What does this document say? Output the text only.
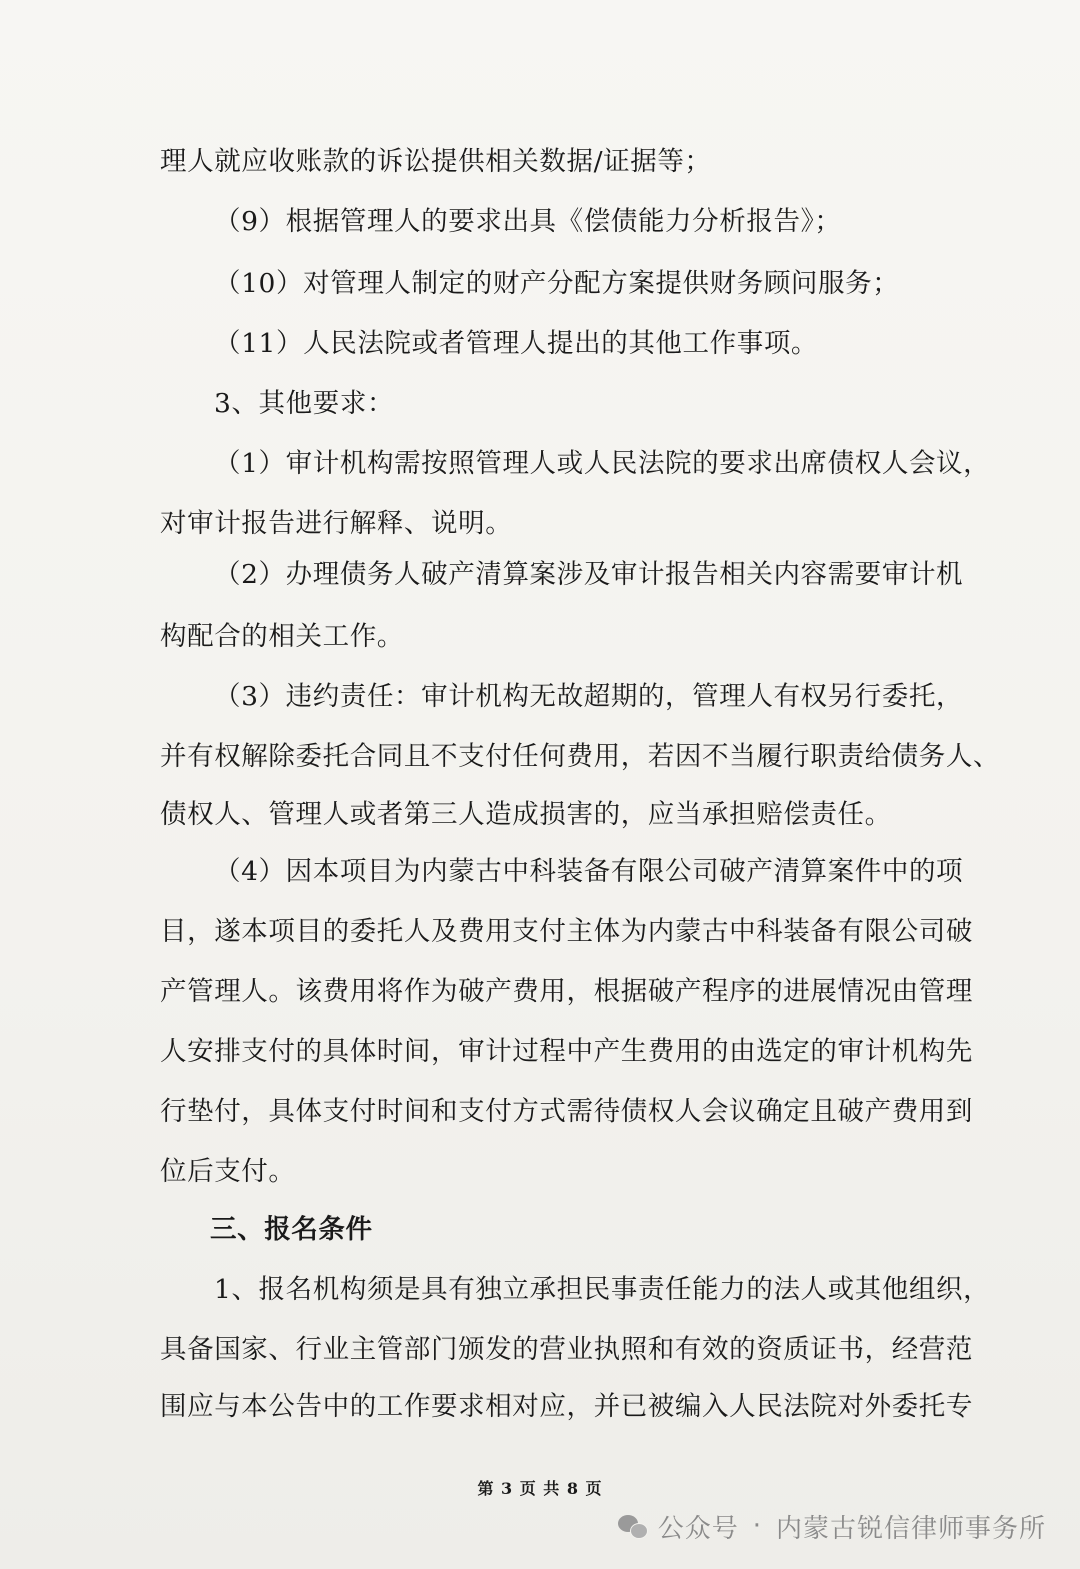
理人就应收账款的诉讼提供相关数据/证据等；
（9）根据管理人的要求出具《偿债能力分析报告》；
（10）对管理人制定的财产分配方案提供财务顾问服务；
（11）人民法院或者管理人提出的其他工作事项。
3、其他要求：
（1）审计机构需按照管理人或人民法院的要求出席债权人会议，
对审计报告进行解释、说明。
（2）办理债务人破产清算案涉及审计报告相关内容需要审计机
构配合的相关工作。
（3）违约责任：审计机构无故超期的，管理人有权另行委托，
并有权解除委托合同且不支付任何费用，若因不当履行职责给债务人、
债权人、管理人或者第三人造成损害的，应当承担赔偿责任。
（4）因本项目为内蒙古中科装备有限公司破产清算案件中的项
目，遂本项目的委托人及费用支付主体为内蒙古中科装备有限公司破
产管理人。该费用将作为破产费用，根据破产程序的进展情况由管理
人安排支付的具体时间，审计过程中产生费用的由选定的审计机构先
行垫付，具体支付时间和支付方式需待债权人会议确定且破产费用到
位后支付。
三、报名条件
1、报名机构须是具有独立承担民事责任能力的法人或其他组织，
具备国家、行业主管部门颁发的营业执照和有效的资质证书，经营范
围应与本公告中的工作要求相对应，并已被编入人民法院对外委托专
第 3 页 共 8 页
公众号 · 内蒙古锐信律师事务所
